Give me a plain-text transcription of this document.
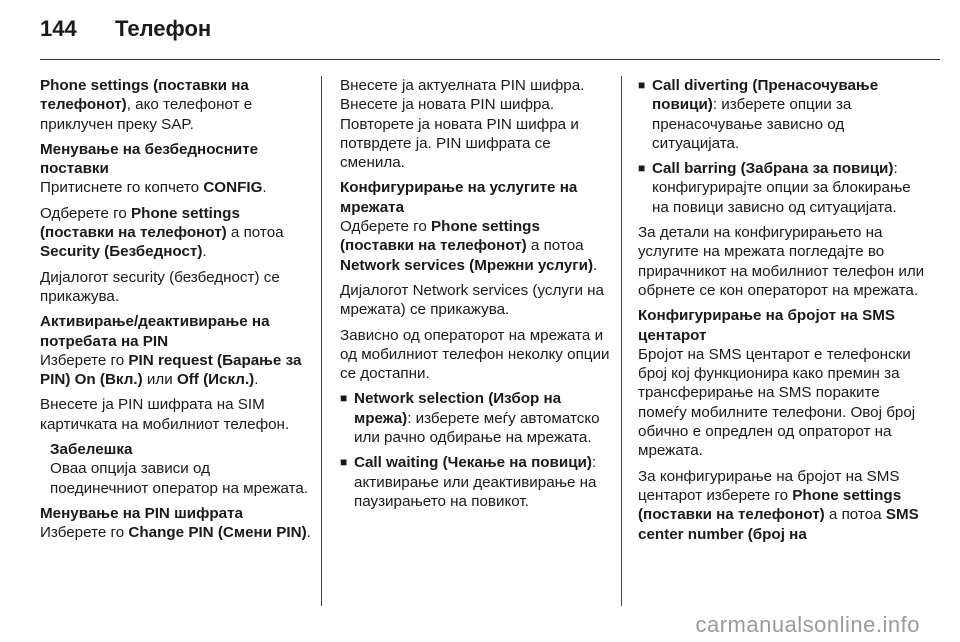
144 Телефон

Phone settings (поставки на телефонот), ако телефонот е приклучен преку SAP.

Менување на безбедносните поставки

Притиснете го копчето CONFIG.

Одберете го Phone settings (поставки на телефонот) а потоа Security (Безбедност).

Дијалогот security (безбедност) се прикажува.

Активирање/деактивирање на потребата на PIN

Изберете го PIN request (Барање за PIN) On (Вкл.) или Off (Искл.).

Внесете ја PIN шифрата на SIM картичката на мобилниот телефон.

Забелешка

Оваа опција зависи од поединечниот оператор на мрежата.

Менување на PIN шифрата

Изберете го Change PIN (Смени PIN).

Внесете ја актуелната PIN шифра. Внесете ја новата PIN шифра. Повторете ја новата PIN шифра и потврдете ја. PIN шифрата се сменила.

Конфигурирање на услугите на мрежата

Одберете го Phone settings (поставки на телефонот) а потоа Network services (Мрежни услуги).

Дијалогот Network services (услуги на мрежата) се прикажува.

Зависно од операторот на мрежата и од мобилниот телефон неколку опции се достапни.

■ Network selection (Избор на мрежа): изберете меѓу автоматско или рачно одбирање на мрежата.
■ Call waiting (Чекање на повици): активирање или деактивирање на паузирањето на повикот.
■ Call diverting (Пренасочување повици): изберете опции за пренасочување зависно од ситуацијата.
■ Call barring (Забрана за повици): конфигурирајте опции за блокирање на повици зависно од ситуацијата.

За детали на конфигурирањето на услугите на мрежата погледајте во прирачникот на мобилниот телефон или обрнете се кон операторот на мрежата.

Конфигурирање на бројот на SMS центарот

Бројот на SMS центарот е телефонски број кој функционира како премин за трансферирање на SMS пораките помеѓу мобилните телефони. Овој број обично е опредлен од опраторот на мрежата.

За конфигурирање на бројот на SMS центарот изберете го Phone settings (поставки на телефонот) а потоа SMS center number (број на

carmanualsonline.info
